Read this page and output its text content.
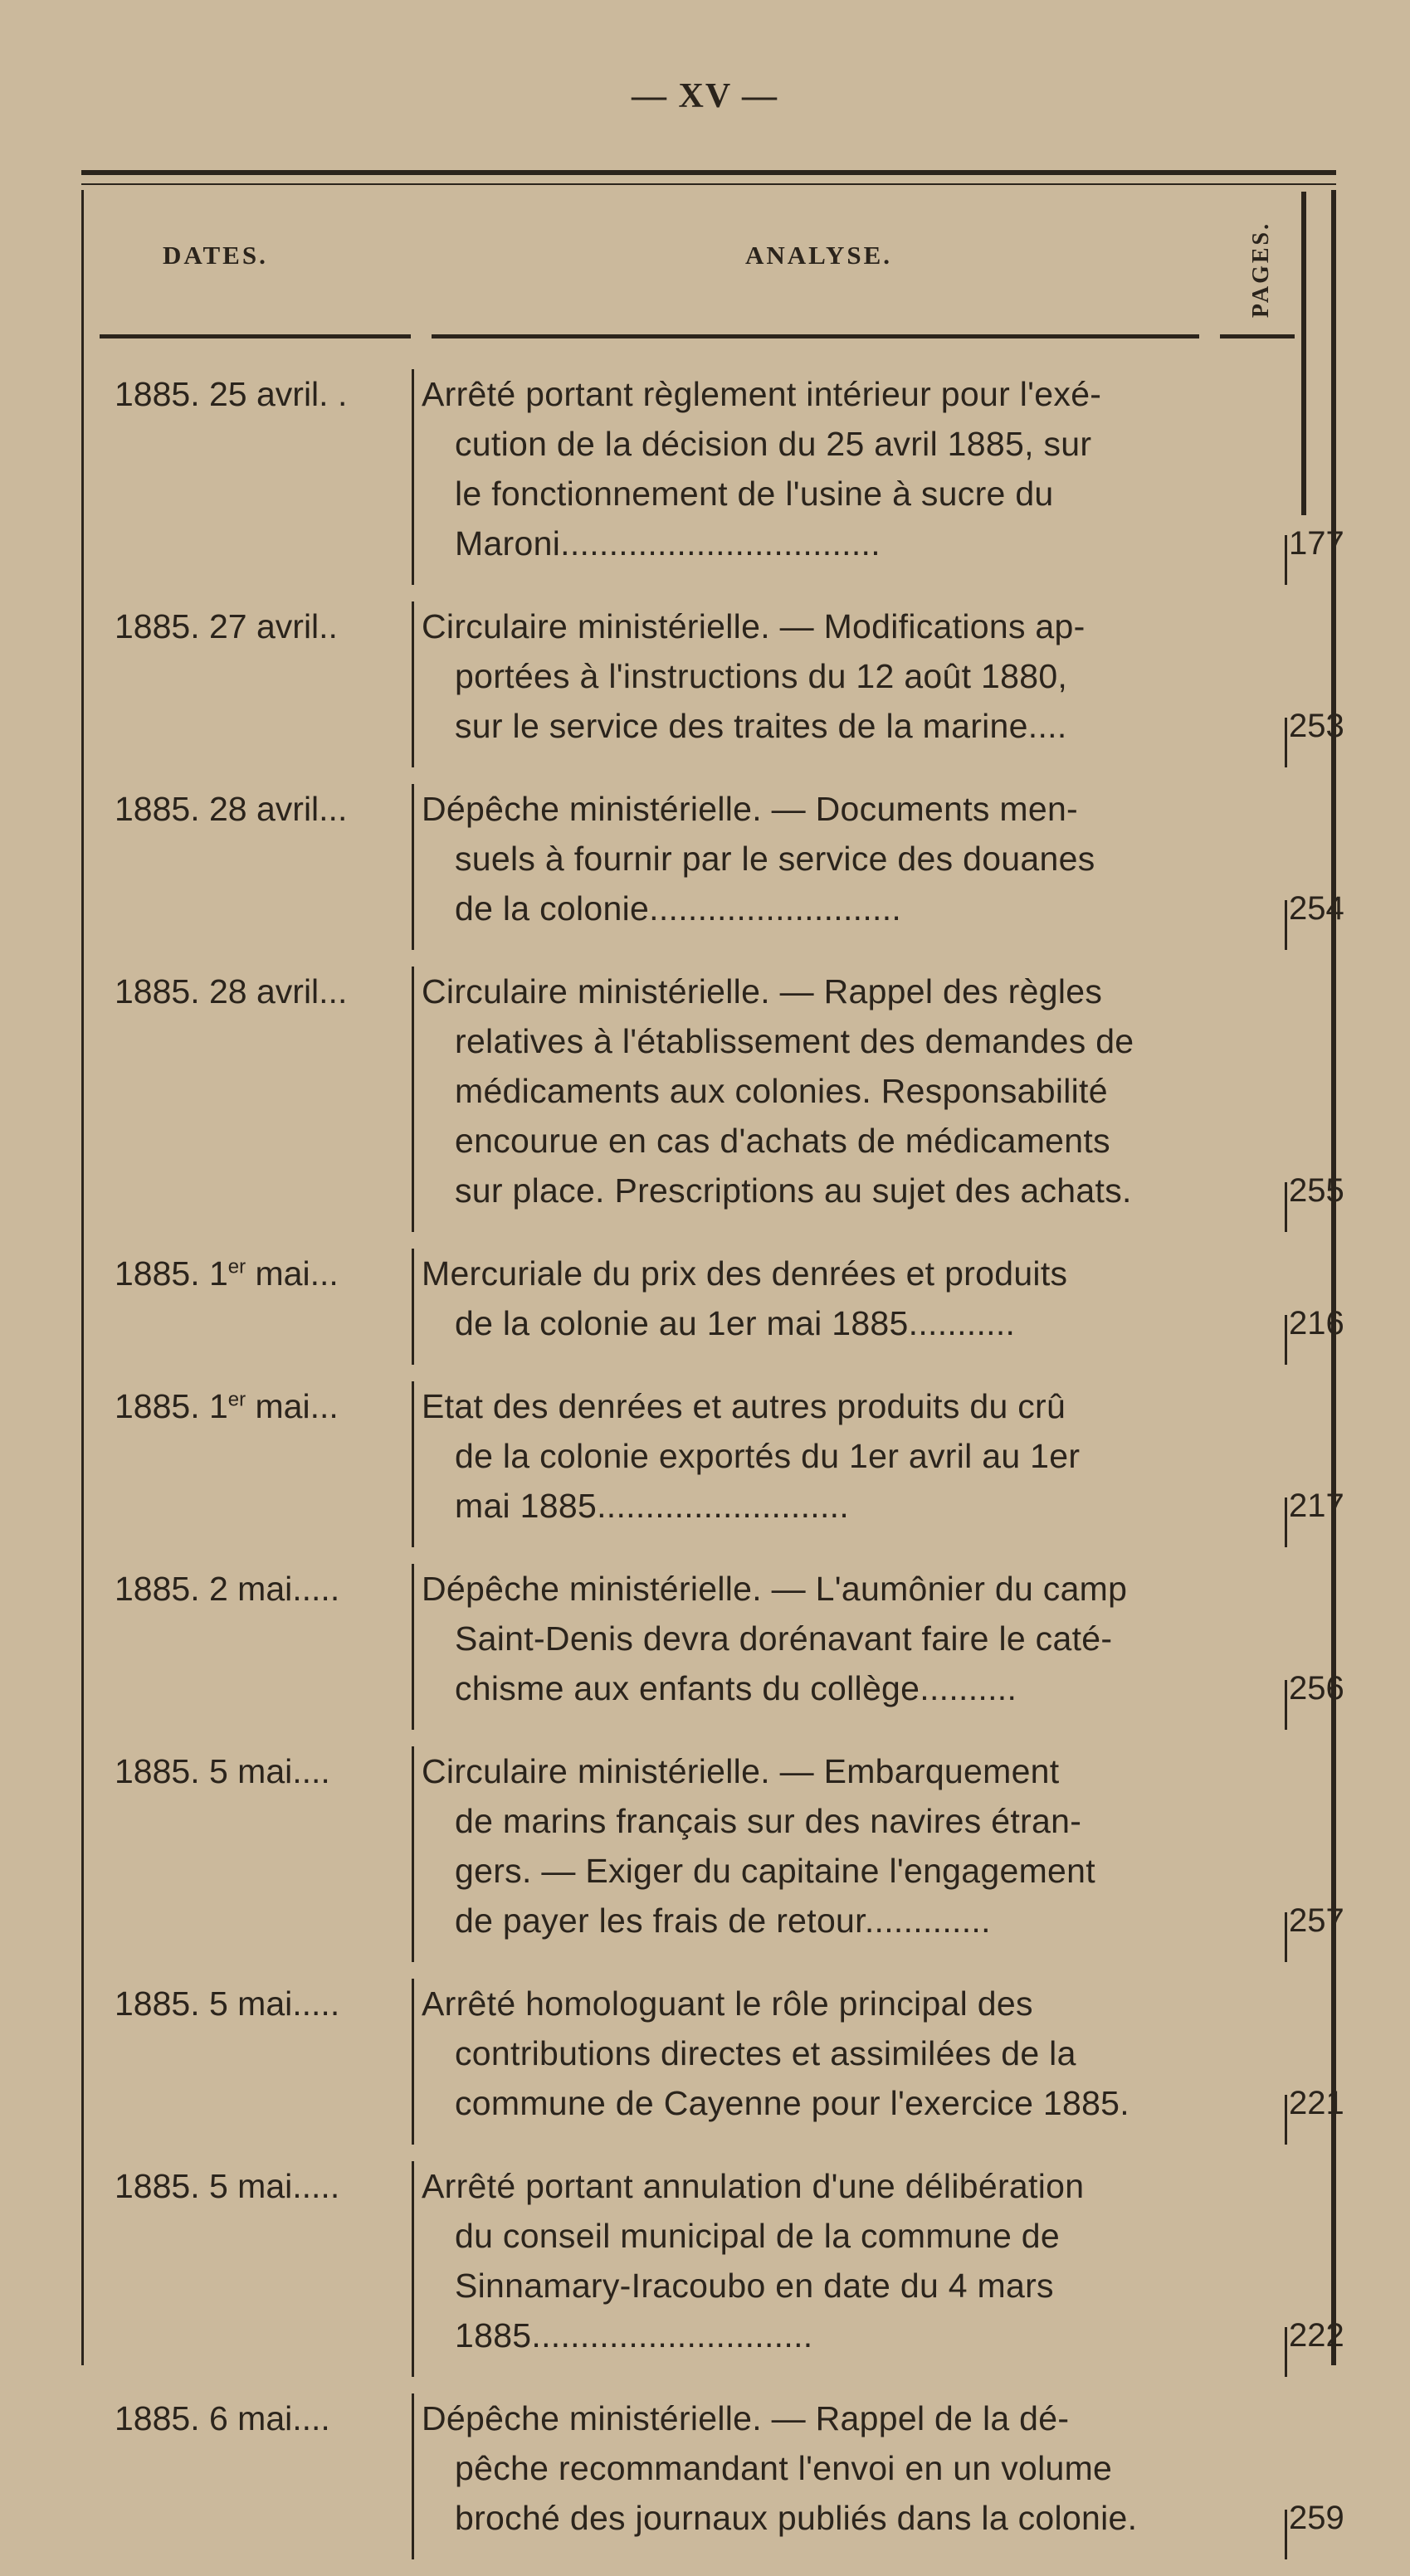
— XV —
DATES.	ANALYSE.	PAGES.
1885. 25 avril. . Arrêté portant règlement intérieur pour l'exé-
cution de la décision du 25 avril 1885, sur
le fonctionnement de l'usine à sucre du
Maroni.................................	177
1885. 27 avril.. Circulaire ministérielle. — Modifications ap-
portées à l'instructions du 12 août 1880,
sur le service des traites de la marine....	253
1885. 28 avril... Dépêche ministérielle. — Documents men-
suels à fournir par le service des douanes
de la colonie..........................	254
1885. 28 avril... Circulaire ministérielle. — Rappel des règles
relatives à l'établissement des demandes de
médicaments aux colonies. Responsabilité
encourue en cas d'achats de médicaments
sur place. Prescriptions au sujet des achats.	255
1885. 1er mai... Mercuriale du prix des denrées et produits
de la colonie au 1er mai 1885...........	216
1885. 1er mai... Etat des denrées et autres produits du crû
de la colonie exportés du 1er avril au 1er
mai 1885..........................	217
1885. 2 mai..... Dépêche ministérielle. — L'aumônier du camp
Saint-Denis devra dorénavant faire le caté-
chisme aux enfants du collège..........	256
1885. 5 mai....	Circulaire ministérielle. — Embarquement
de marins français sur des navires étran-
gers. — Exiger du capitaine l'engagement
de payer les frais de retour.............	257
1885. 5 mai..... Arrêté homologuant le rôle principal des
contributions directes et assimilées de la
commune de Cayenne pour l'exercice 1885.	221
1885. 5 mai..... Arrêté portant annulation d'une délibération
du conseil municipal de la commune de
Sinnamary-Iracoubo en date du 4 mars
1885.............................	222
1885. 6 mai....	Dépêche ministérielle. — Rappel de la dé-
pêche recommandant l'envoi en un volume
broché des journaux publiés dans la colonie.	259
